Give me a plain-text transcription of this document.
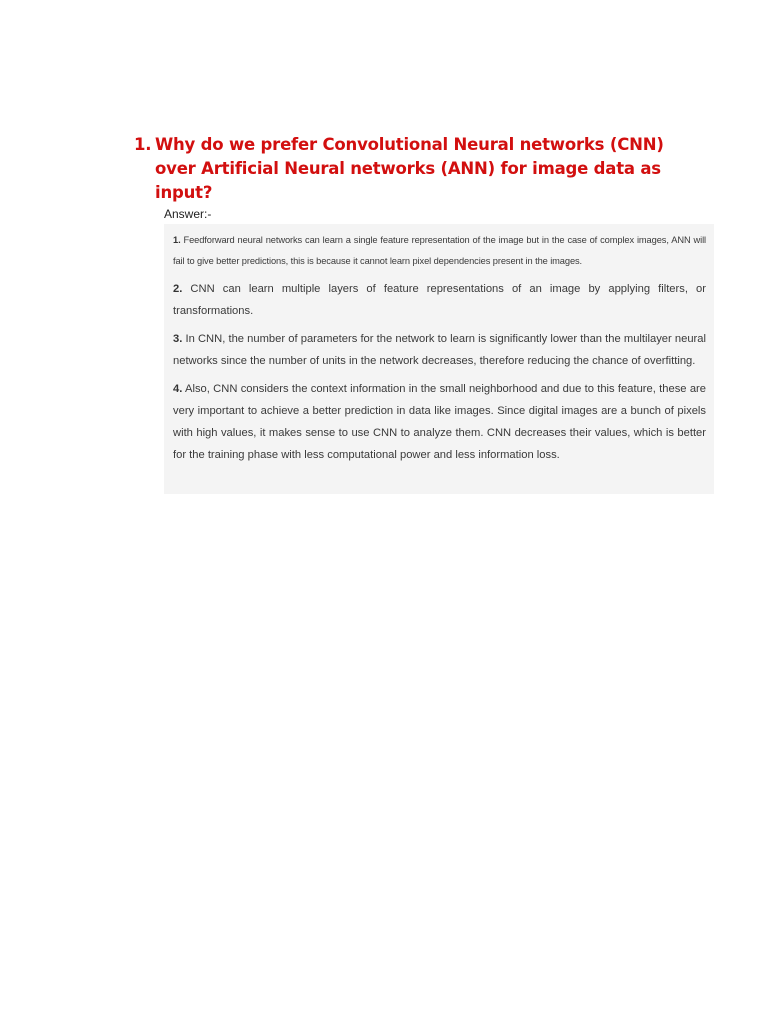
1. Why do we prefer Convolutional Neural networks (CNN) over Artificial Neural networks (ANN) for image data as input?

Answer:-

1. Feedforward neural networks can learn a single feature representation of the image but in the case of complex images, ANN will fail to give better predictions, this is because it cannot learn pixel dependencies present in the images.

2. CNN can learn multiple layers of feature representations of an image by applying filters, or transformations.

3. In CNN, the number of parameters for the network to learn is significantly lower than the multilayer neural networks since the number of units in the network decreases, therefore reducing the chance of overfitting.

4. Also, CNN considers the context information in the small neighborhood and due to this feature, these are very important to achieve a better prediction in data like images. Since digital images are a bunch of pixels with high values, it makes sense to use CNN to analyze them. CNN decreases their values, which is better for the training phase with less computational power and less information loss.
